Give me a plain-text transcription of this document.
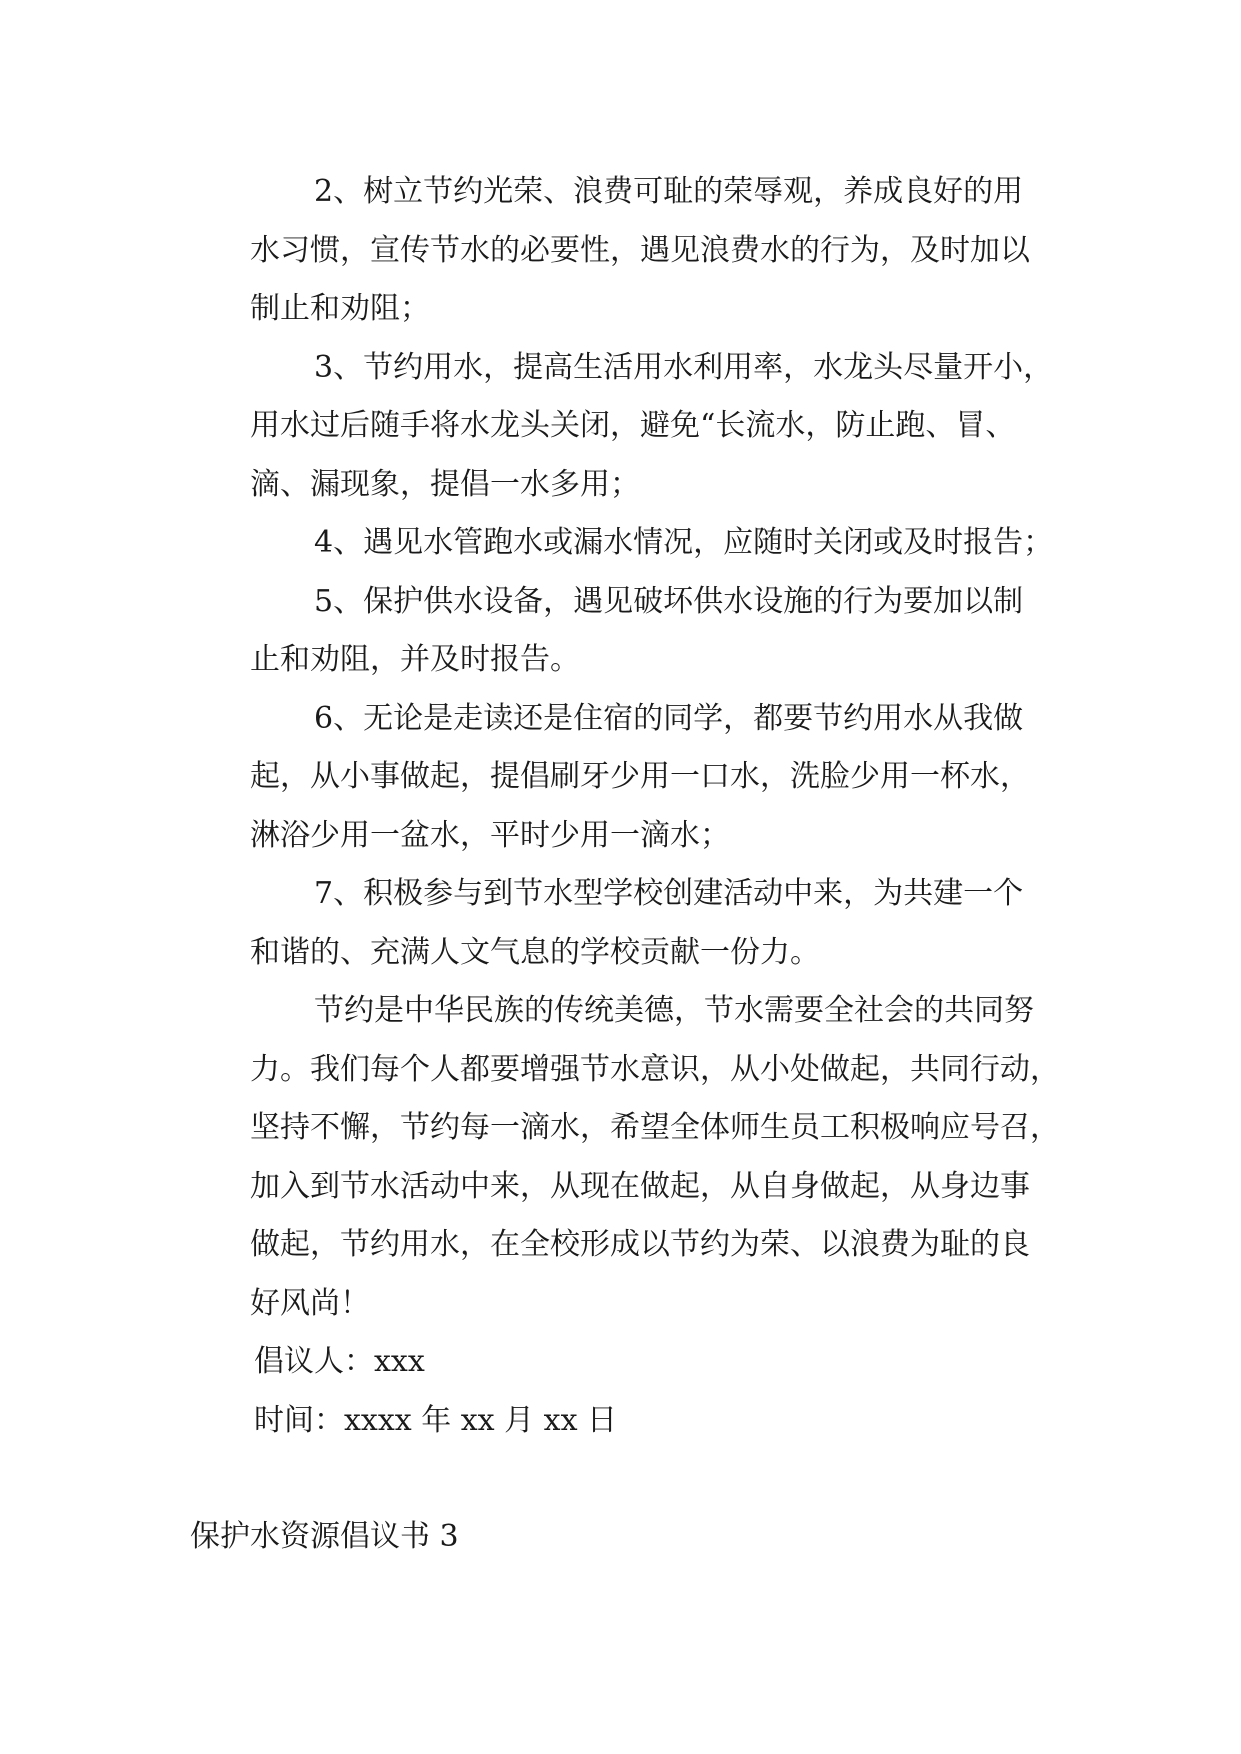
2、树立节约光荣、浪费可耻的荣辱观，养成良好的用
水习惯，宣传节水的必要性，遇见浪费水的行为，及时加以
制止和劝阻；
3、节约用水，提高生活用水利用率，水龙头尽量开小，
用水过后随手将水龙头关闭，避免“长流水，防止跑、冒、
滴、漏现象，提倡一水多用；
4、遇见水管跑水或漏水情况，应随时关闭或及时报告；
5、保护供水设备，遇见破坏供水设施的行为要加以制
止和劝阻，并及时报告。
6、无论是走读还是住宿的同学，都要节约用水从我做
起，从小事做起，提倡刷牙少用一口水，洗脸少用一杯水，
淋浴少用一盆水，平时少用一滴水；
7、积极参与到节水型学校创建活动中来，为共建一个
和谐的、充满人文气息的学校贡献一份力。
节约是中华民族的传统美德，节水需要全社会的共同努
力。我们每个人都要增强节水意识，从小处做起，共同行动，
坚持不懈，节约每一滴水，希望全体师生员工积极响应号召，
加入到节水活动中来，从现在做起，从自身做起，从身边事
做起，节约用水，在全校形成以节约为荣、以浪费为耻的良
好风尚！

倡议人：xxx

时间：xxxx 年 xx 月 xx 日

保护水资源倡议书 3
